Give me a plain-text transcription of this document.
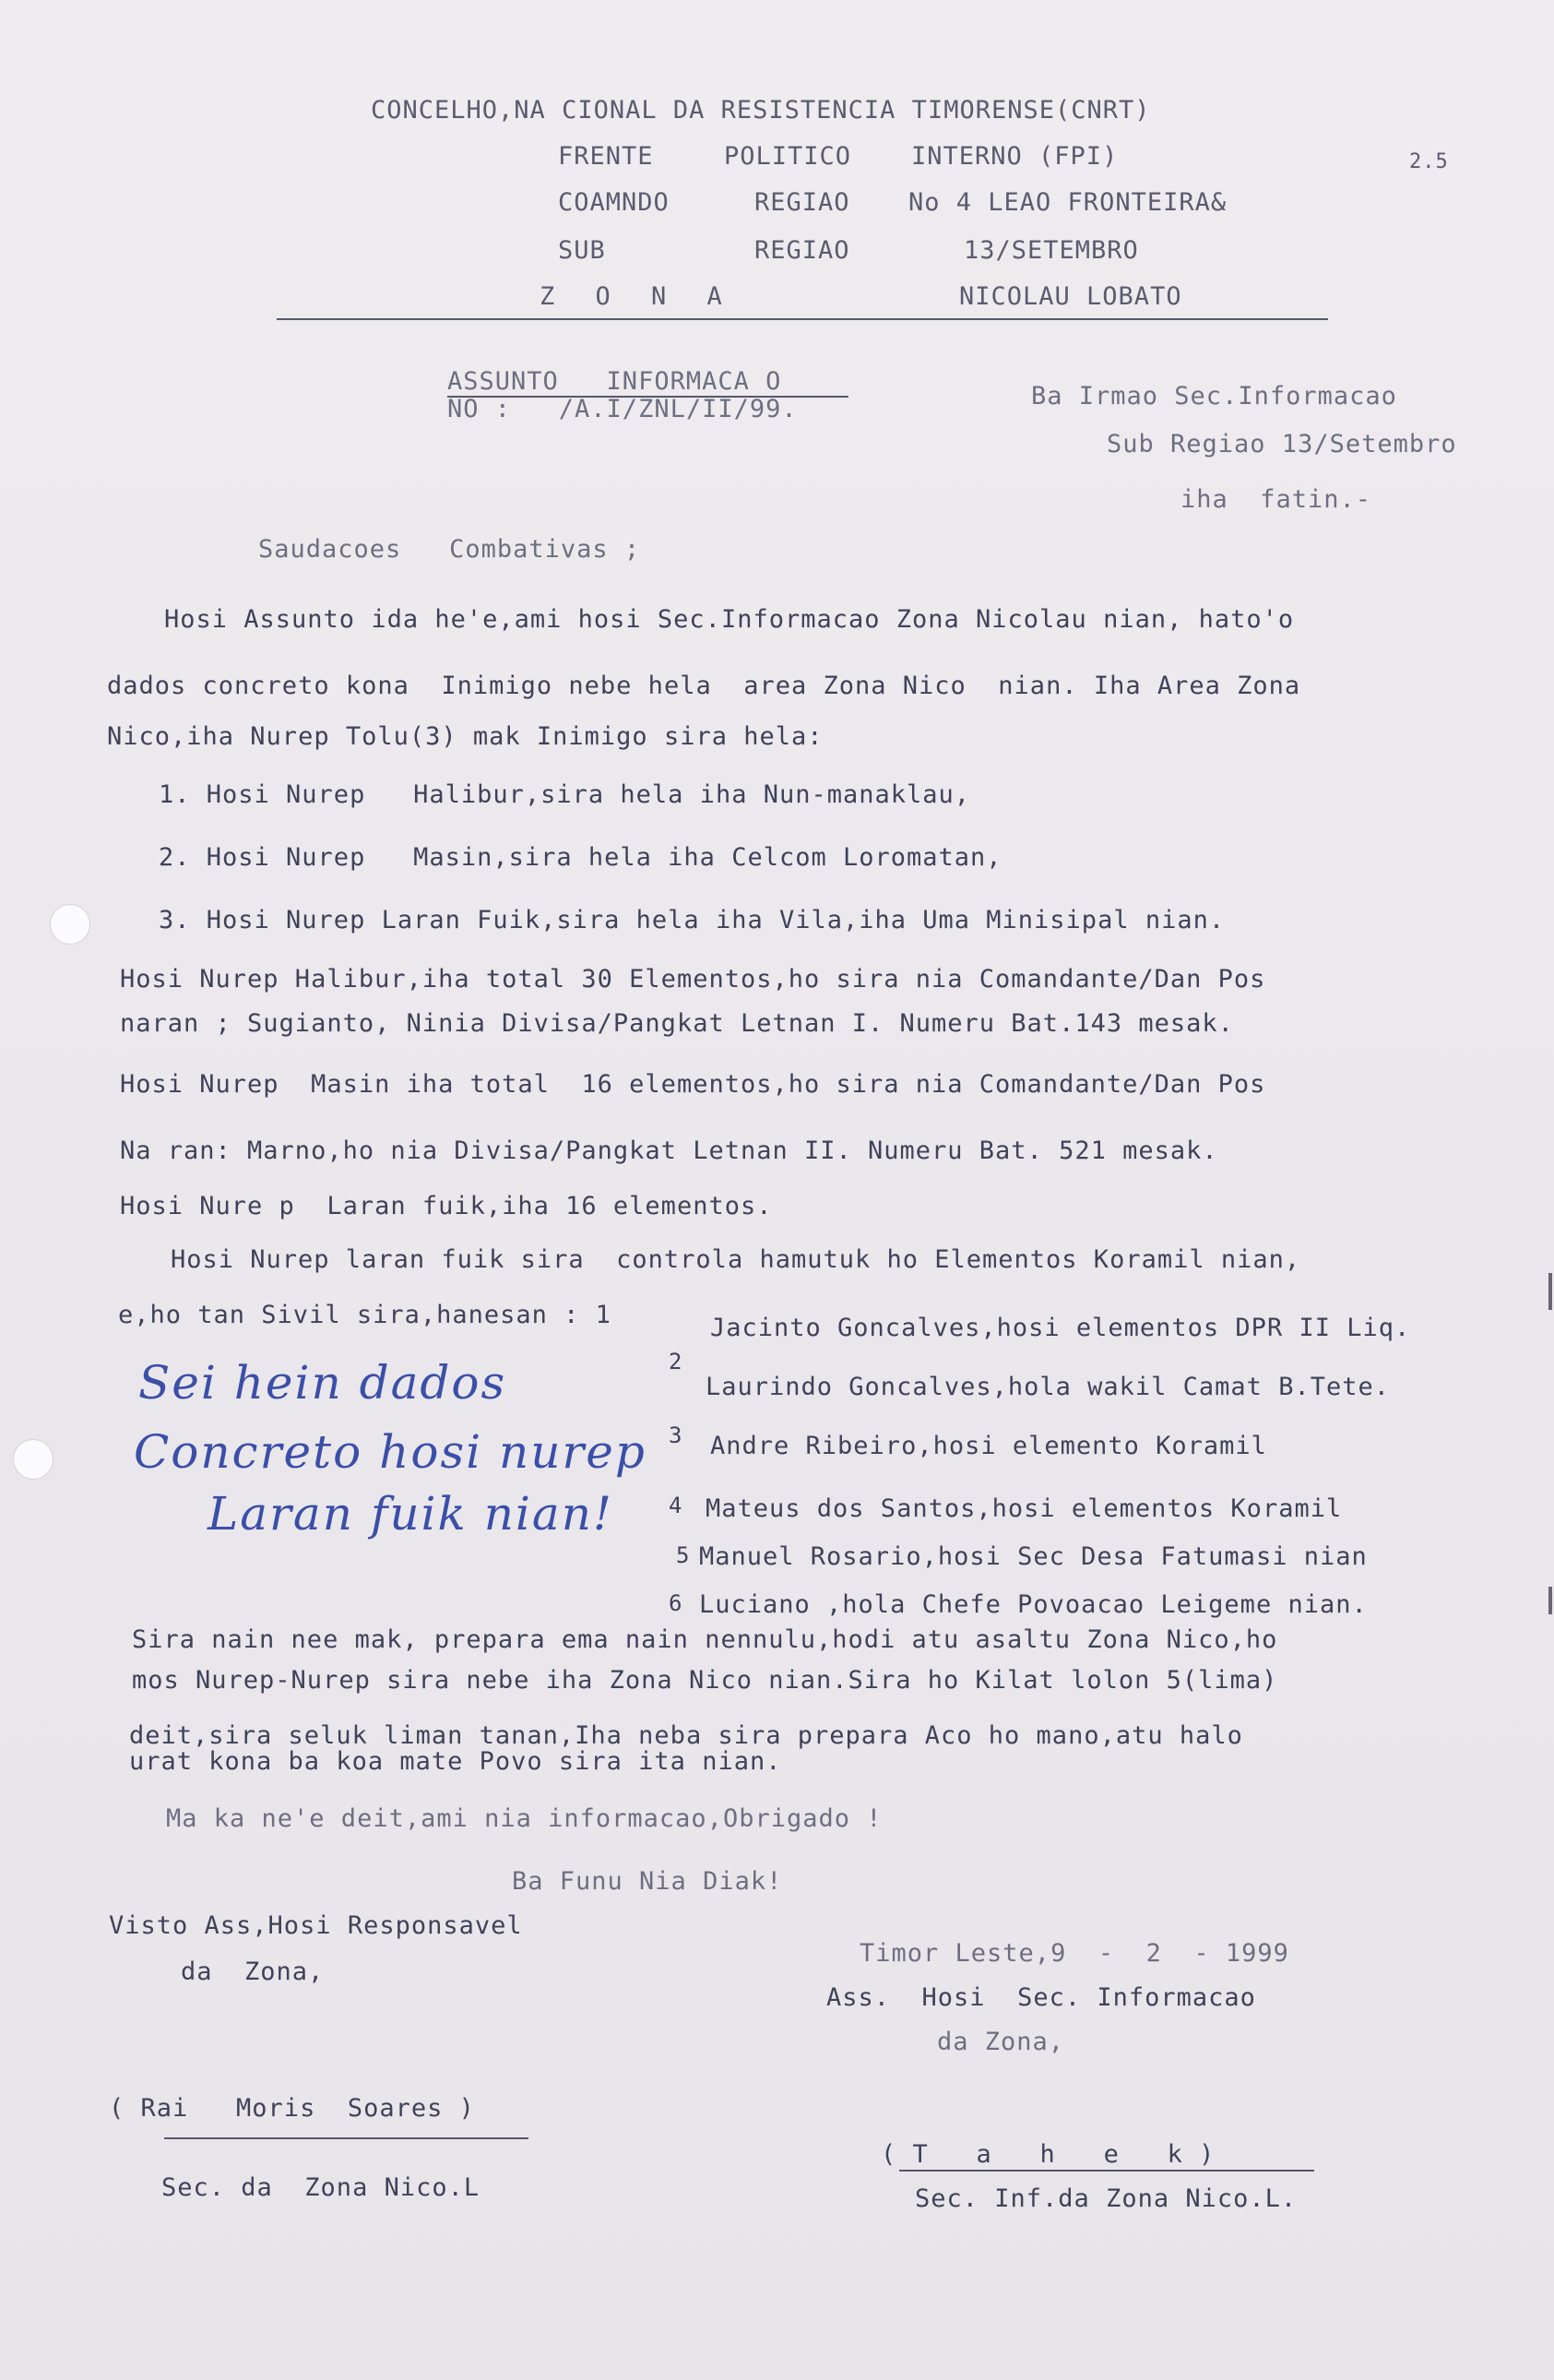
CONCELHO,NA CIONAL DA RESISTENCIA TIMORENSE(CNRT)
FRENTE	POLITICO INTERNO (FPI)	2.5
COAMNDO	REGIAO No 4 LEAO FRONTEIRA&
SUB	REGIAO	13/SETEMBRO
Z O N A	NICOLAU LOBATO
ASSUNTO   INFORMACA O
NO :   /A.I/ZNL/II/99.	Ba Irmao Sec.Informacao
Sub Regiao 13/Setembro
iha  fatin.-
Saudacoes   Combativas ;
Hosi Assunto ida he'e,ami hosi Sec.Informacao Zona Nicolau nian, hato'o
dados concreto kona  Inimigo nebe hela  area Zona Nico  nian. Iha Area Zona
Nico,iha Nurep Tolu(3) mak Inimigo sira hela:
1. Hosi Nurep   Halibur,sira hela iha Nun-manaklau,
2. Hosi Nurep   Masin,sira hela iha Celcom Loromatan,
3. Hosi Nurep Laran Fuik,sira hela iha Vila,iha Uma Minisipal nian.
Hosi Nurep Halibur,iha total 30 Elementos,ho sira nia Comandante/Dan Pos
naran ; Sugianto, Ninia Divisa/Pangkat Letnan I. Numeru Bat.143 mesak.
Hosi Nurep  Masin iha total  16 elementos,ho sira nia Comandante/Dan Pos
Na ran: Marno,ho nia Divisa/Pangkat Letnan II. Numeru Bat. 521 mesak.
Hosi Nure p  Laran fuik,iha 16 elementos.
Hosi Nurep laran fuik sira  controla hamutuk ho Elementos Koramil nian,
e,ho tan Sivil sira,hanesan : 1	Jacinto Goncalves,hosi elementos DPR II Liq.
2
Laurindo Goncalves,hola wakil Camat B.Tete.
3 Andre Ribeiro,hosi elemento Koramil
4 Mateus dos Santos,hosi elementos Koramil
5 Manuel Rosario,hosi Sec Desa Fatumasi nian
6 Luciano ,hola Chefe Povoacao Leigeme nian.
Sei hein dados
Concreto hosi nurep
Laran fuik nian!
Sira nain nee mak, prepara ema nain nennulu,hodi atu asaltu Zona Nico,ho
mos Nurep-Nurep sira nebe iha Zona Nico nian.Sira ho Kilat lolon 5(lima)
deit,sira seluk liman tanan,Iha neba sira prepara Aco ho mano,atu halo
urat kona ba koa mate Povo sira ita nian.
Ma ka ne'e deit,ami nia informacao,Obrigado !
Ba Funu Nia Diak!
Visto Ass,Hosi Responsavel
da  Zona,
( Rai   Moris  Soares )
Sec. da  Zona Nico.L
Timor Leste,9  -  2  - 1999
Ass.  Hosi  Sec. Informacao
da Zona,
( T   a   h   e   k )
Sec. Inf.da Zona Nico.L.
